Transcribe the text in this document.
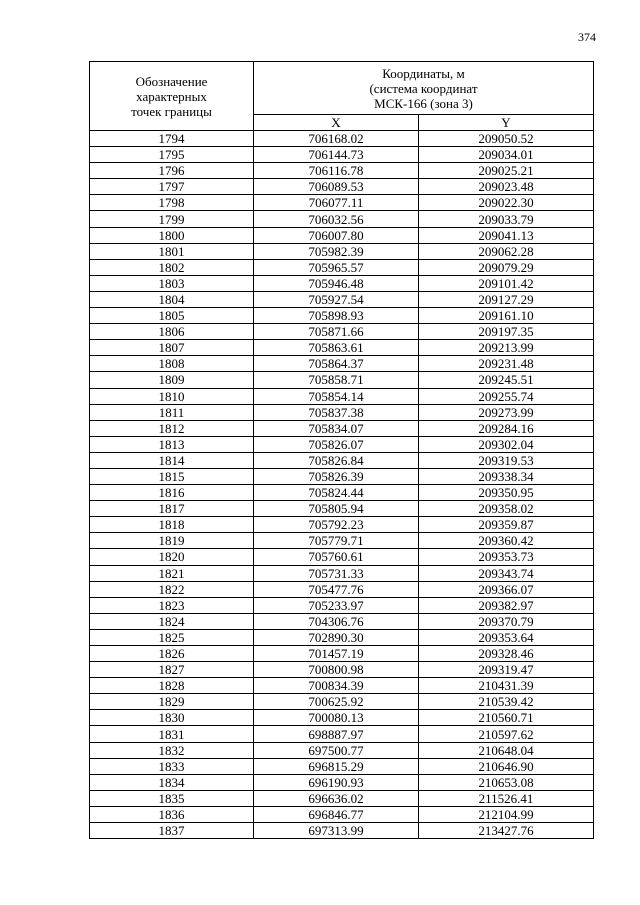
374
Обозначение
характерных
точек границы	Координаты, м
(система координат
МСК-166 (зона 3)	

	X	Y
1794	706168.02	209050.52
1795	706144.73	209034.01
1796	706116.78	209025.21
1797	706089.53	209023.48
1798	706077.11	209022.30
1799	706032.56	209033.79
1800	706007.80	209041.13
1801	705982.39	209062.28
1802	705965.57	209079.29
1803	705946.48	209101.42
1804	705927.54	209127.29
1805	705898.93	209161.10
1806	705871.66	209197.35
1807	705863.61	209213.99
1808	705864.37	209231.48
1809	705858.71	209245.51
1810	705854.14	209255.74
1811	705837.38	209273.99
1812	705834.07	209284.16
1813	705826.07	209302.04
1814	705826.84	209319.53
1815	705826.39	209338.34
1816	705824.44	209350.95
1817	705805.94	209358.02
1818	705792.23	209359.87
1819	705779.71	209360.42
1820	705760.61	209353.73
1821	705731.33	209343.74
1822	705477.76	209366.07
1823	705233.97	209382.97
1824	704306.76	209370.79
1825	702890.30	209353.64
1826	701457.19	209328.46
1827	700800.98	209319.47
1828	700834.39	210431.39
1829	700625.92	210539.42
1830	700080.13	210560.71
1831	698887.97	210597.62
1832	697500.77	210648.04
1833	696815.29	210646.90
1834	696190.93	210653.08
1835	696636.02	211526.41
1836	696846.77	212104.99
1837	697313.99	213427.76
